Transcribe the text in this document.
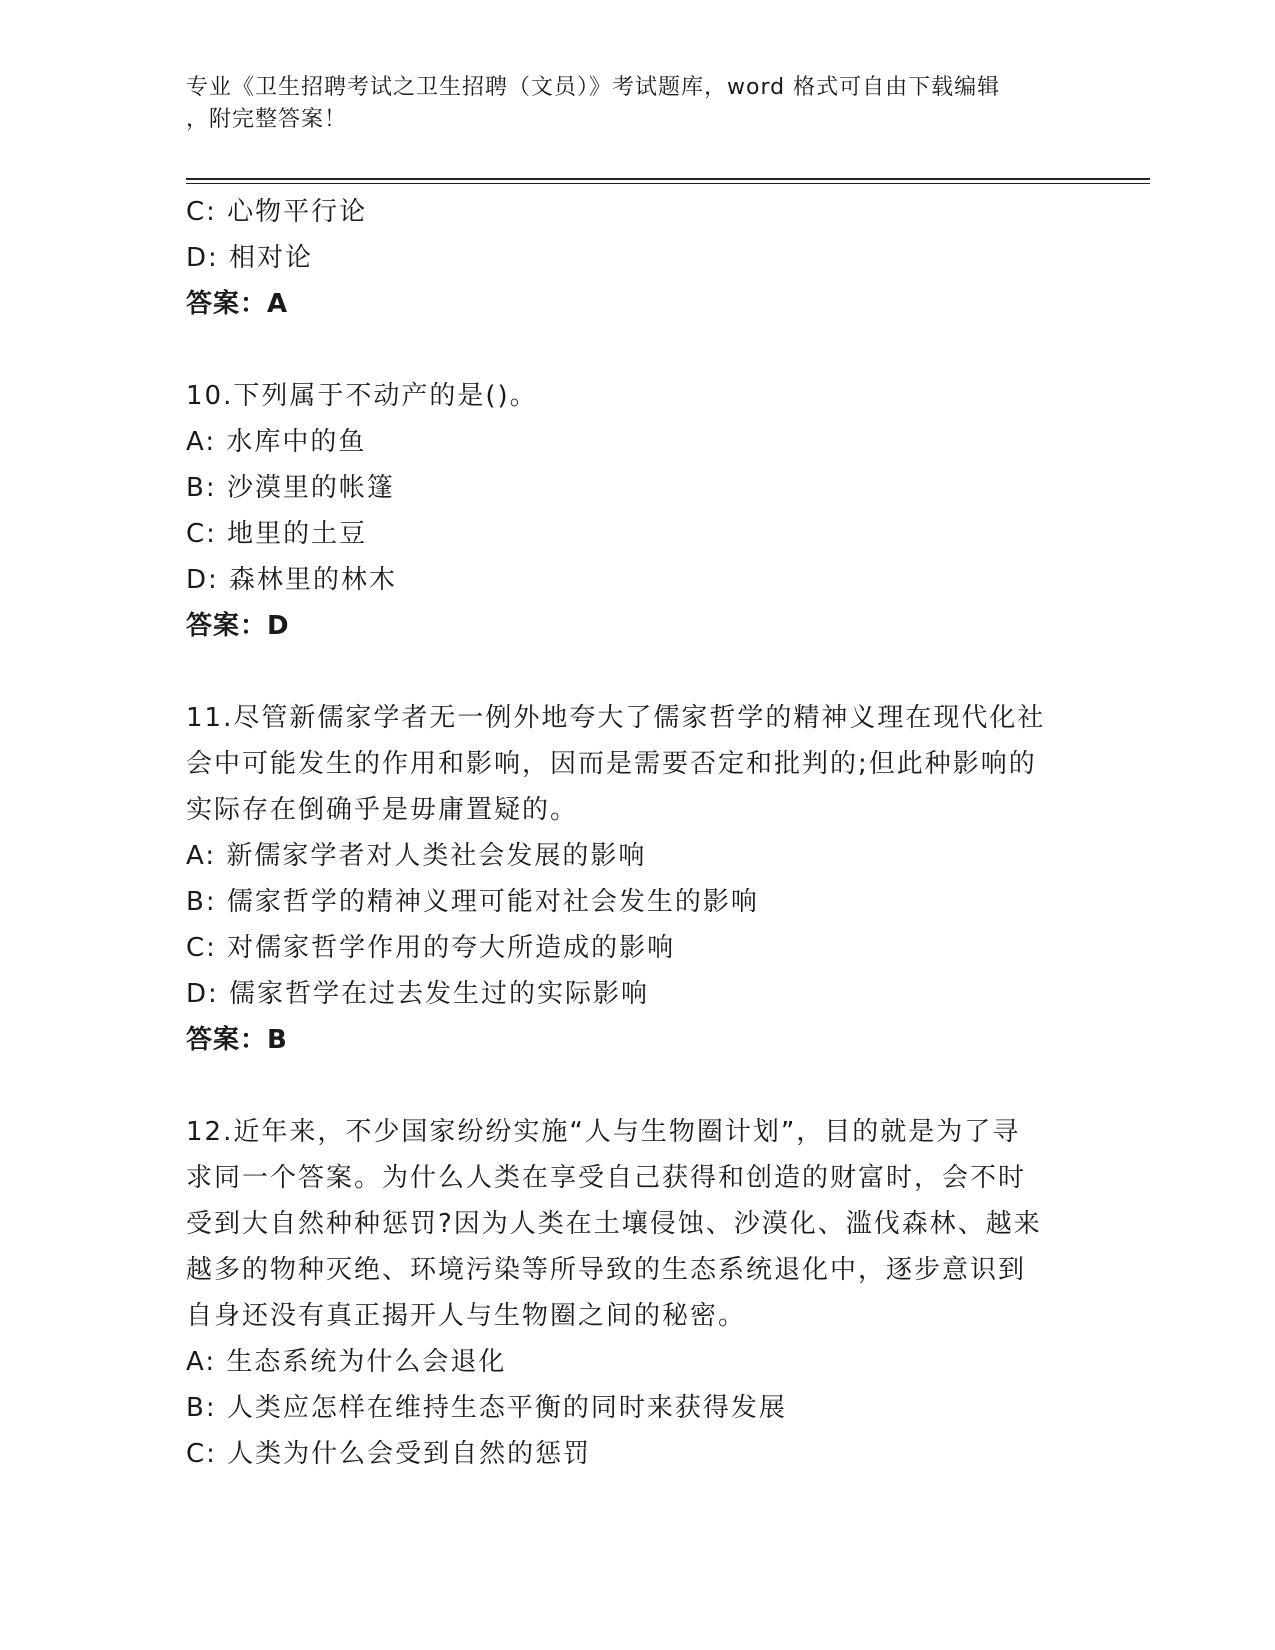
专业《卫生招聘考试之卫生招聘（文员）》考试题库，word 格式可自由下载编辑
，附完整答案！
C: 心物平行论
D: 相对论
答案：A
10.下列属于不动产的是()。
A: 水库中的鱼
B: 沙漠里的帐篷
C: 地里的土豆
D: 森林里的林木
答案：D
11.尽管新儒家学者无一例外地夸大了儒家哲学的精神义理在现代化社
会中可能发生的作用和影响，因而是需要否定和批判的;但此种影响的
实际存在倒确乎是毋庸置疑的。
A: 新儒家学者对人类社会发展的影响
B: 儒家哲学的精神义理可能对社会发生的影响
C: 对儒家哲学作用的夸大所造成的影响
D: 儒家哲学在过去发生过的实际影响
答案：B
12.近年来，不少国家纷纷实施“人与生物圈计划”，目的就是为了寻
求同一个答案。为什么人类在享受自己获得和创造的财富时，会不时
受到大自然种种惩罚?因为人类在土壤侵蚀、沙漠化、滥伐森林、越来
越多的物种灭绝、环境污染等所导致的生态系统退化中，逐步意识到
自身还没有真正揭开人与生物圈之间的秘密。
A: 生态系统为什么会退化
B: 人类应怎样在维持生态平衡的同时来获得发展
C: 人类为什么会受到自然的惩罚
